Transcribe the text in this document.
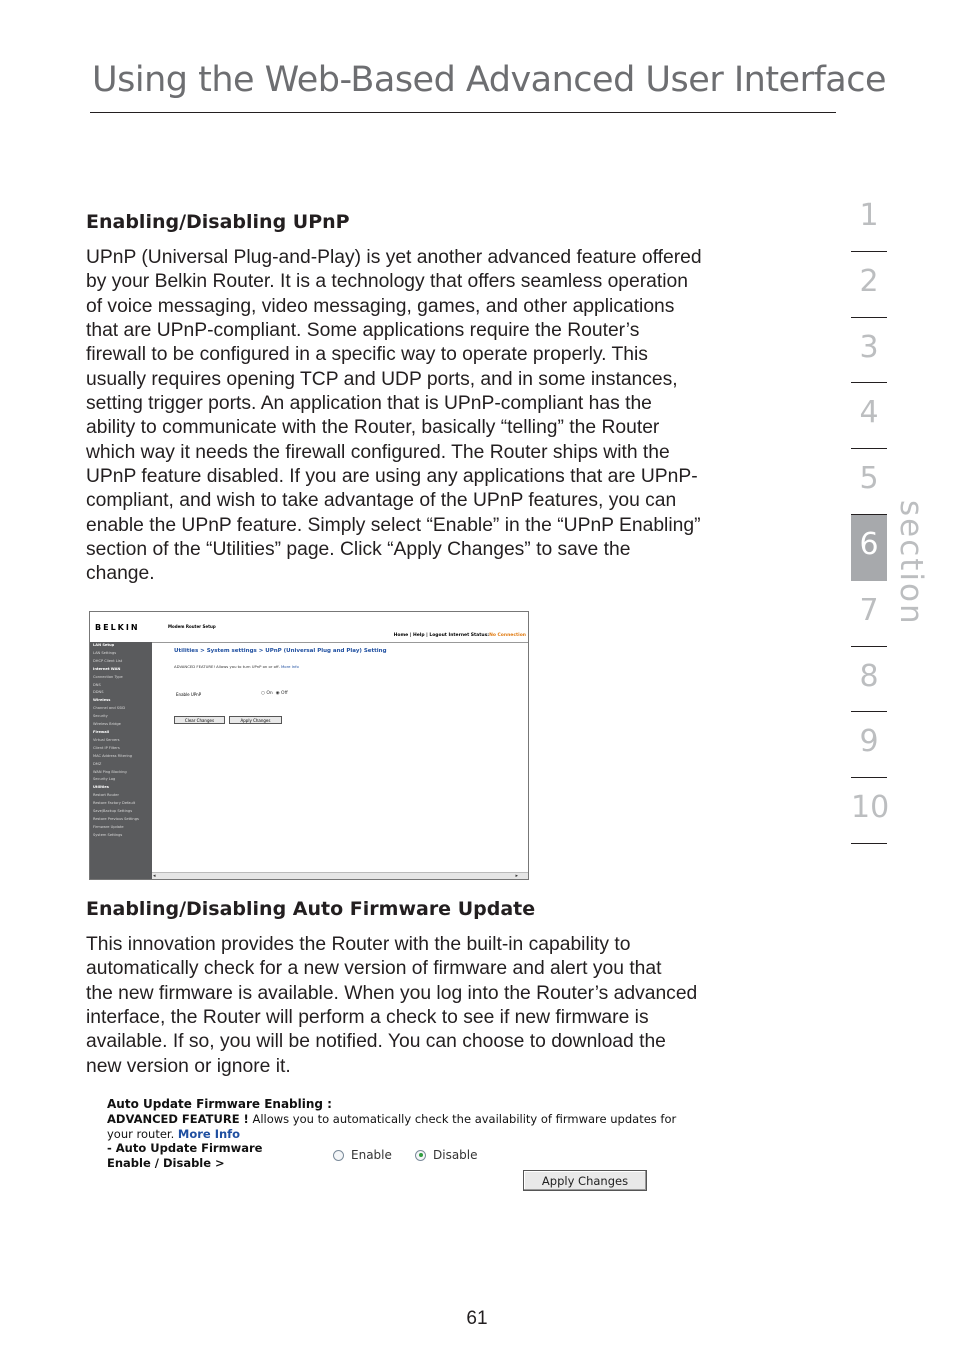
Using the Web-Based Advanced User Interface
1
2
3
4
5
6
7
8
9
10
section
Enabling/Disabling UPnP
UPnP (Universal Plug-and-Play) is yet another advanced feature offered
by your Belkin Router. It is a technology that offers seamless operation
of voice messaging, video messaging, games, and other applications
that are UPnP-compliant. Some applications require the Router’s
firewall to be configured in a specific way to operate properly. This
usually requires opening TCP and UDP ports, and in some instances,
setting trigger ports. An application that is UPnP-compliant has the
ability to communicate with the Router, basically “telling” the Router
which way it needs the firewall configured. The Router ships with the
UPnP feature disabled. If you are using any applications that are UPnP-
compliant, and wish to take advantage of the UPnP features, you can
enable the UPnP feature. Simply select “Enable” in the “UPnP Enabling”
section of the “Utilities” page. Click “Apply Changes” to save the
change.
BELKIN	Modem Router Setup
Home | Help | Logout Internet Status:No Connection
LAN Setup
LAN Settings
DHCP Client List
Internet WAN
Connection Type
DNS
DDNS
Wireless
Channel and SSID
Security
Wireless Bridge
Firewall
Virtual Servers
Client IP Filters
MAC Address Filtering
DMZ
WAN Ping Blocking
Security Log
Utilities
Restart Router
Restore Factory Default
Save/Backup Settings
Restore Previous Settings
Firmware Update
System Settings
Utilities > System settings > UPnP (Universal Plug and Play) Setting
ADVANCED FEATURE! Allows you to turn UPnP on or off. More Info
Enable UPnP	○ On ◉ Off
Clear Changes	Apply Changes
◂	▸
Enabling/Disabling Auto Firmware Update
This innovation provides the Router with the built-in capability to
automatically check for a new version of firmware and alert you that
the new firmware is available. When you log into the Router’s advanced
interface, the Router will perform a check to see if new firmware is
available. If so, you will be notified. You can choose to download the
new version or ignore it.
Auto Update Firmware Enabling :
ADVANCED FEATURE ! Allows you to automatically check the availability of firmware updates for
your router. More Info
- Auto Update Firmware
Enable / Disable >
Enable	Disable
Apply Changes
61
